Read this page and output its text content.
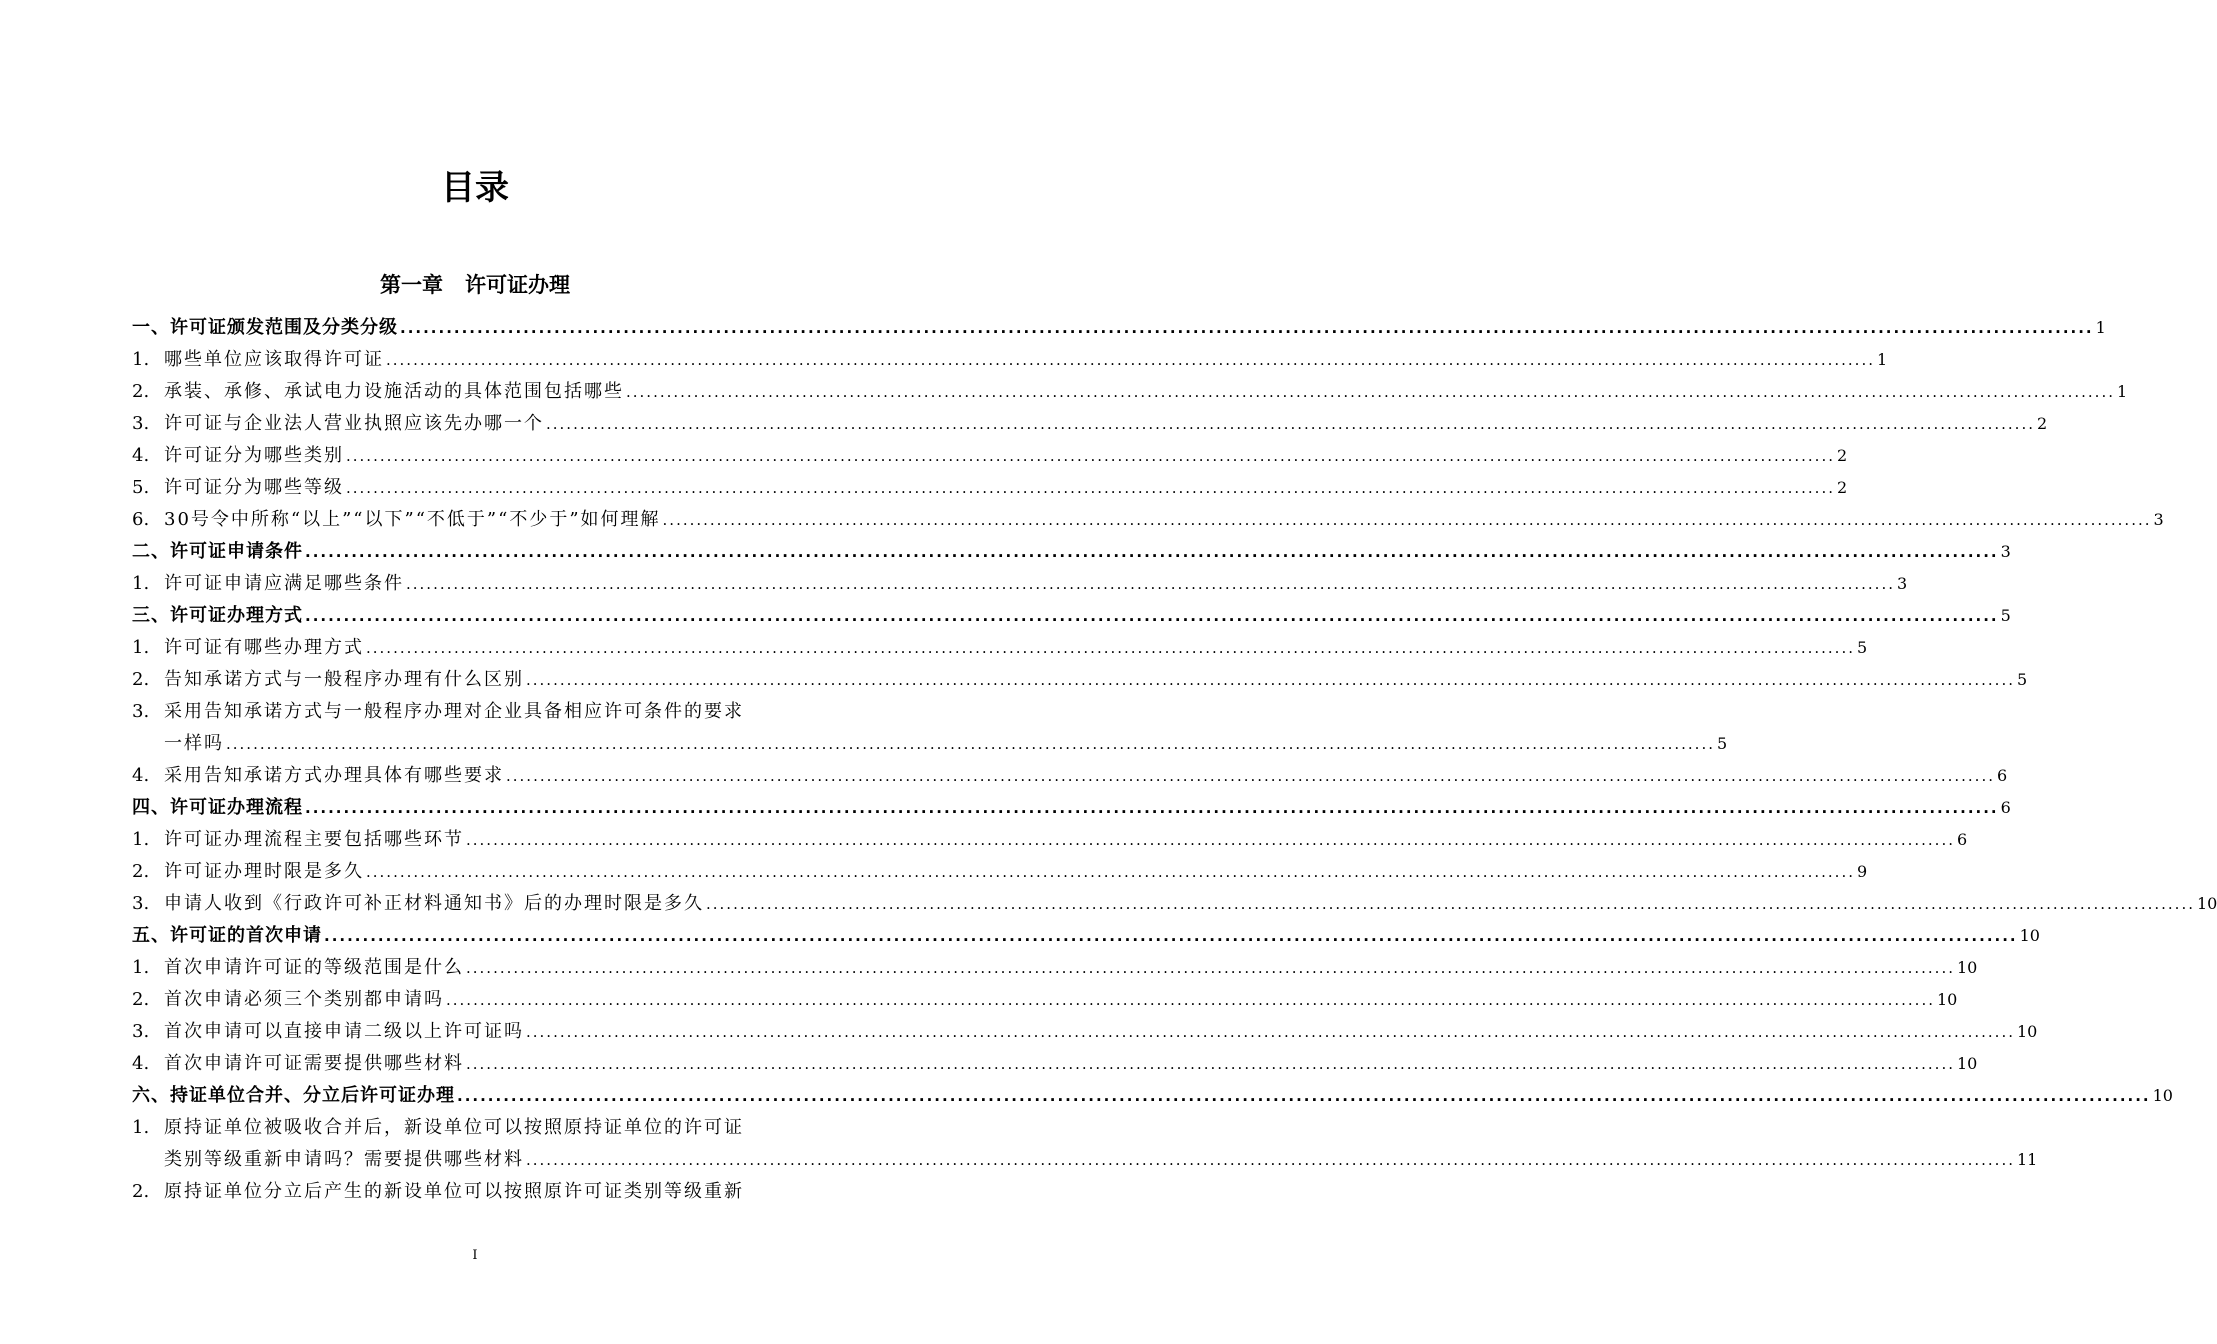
目录
第一章 许可证办理
一、许可证颁发范围及分类分级 ............................................................................................................................................................................................................................ 1
1. 哪些单位应该取得许可证 ............................................................................................................................................................................................................................ 1
2. 承装、承修、承试电力设施活动的具体范围包括哪些 ............................................................................................................................................................................................................................ 1
3. 许可证与企业法人营业执照应该先办哪一个 ............................................................................................................................................................................................................................ 2
4. 许可证分为哪些类别 ............................................................................................................................................................................................................................ 2
5. 许可证分为哪些等级 ............................................................................................................................................................................................................................ 2
6. 30号令中所称“以上”“以下”“不低于”“不少于”如何理解 ............................................................................................................................................................................................................................ 3
二、许可证申请条件 ............................................................................................................................................................................................................................ 3
1. 许可证申请应满足哪些条件 ............................................................................................................................................................................................................................ 3
三、许可证办理方式 ............................................................................................................................................................................................................................ 5
1. 许可证有哪些办理方式 ............................................................................................................................................................................................................................ 5
2. 告知承诺方式与一般程序办理有什么区别 ............................................................................................................................................................................................................................ 5
3. 采用告知承诺方式与一般程序办理对企业具备相应许可条件的要求
一样吗 ............................................................................................................................................................................................................................ 5
4. 采用告知承诺方式办理具体有哪些要求 ............................................................................................................................................................................................................................ 6
四、许可证办理流程 ............................................................................................................................................................................................................................ 6
1. 许可证办理流程主要包括哪些环节 ............................................................................................................................................................................................................................ 6
2. 许可证办理时限是多久 ............................................................................................................................................................................................................................ 9
3. 申请人收到《行政许可补正材料通知书》后的办理时限是多久 ............................................................................................................................................................................................................................ 10
五、许可证的首次申请 ............................................................................................................................................................................................................................ 10
1. 首次申请许可证的等级范围是什么 ............................................................................................................................................................................................................................ 10
2. 首次申请必须三个类别都申请吗 ............................................................................................................................................................................................................................ 10
3. 首次申请可以直接申请二级以上许可证吗 ............................................................................................................................................................................................................................ 10
4. 首次申请许可证需要提供哪些材料 ............................................................................................................................................................................................................................ 10
六、持证单位合并、分立后许可证办理 ............................................................................................................................................................................................................................ 10
1. 原持证单位被吸收合并后，新设单位可以按照原持证单位的许可证
类别等级重新申请吗？需要提供哪些材料 ............................................................................................................................................................................................................................ 11
2. 原持证单位分立后产生的新设单位可以按照原许可证类别等级重新
I
